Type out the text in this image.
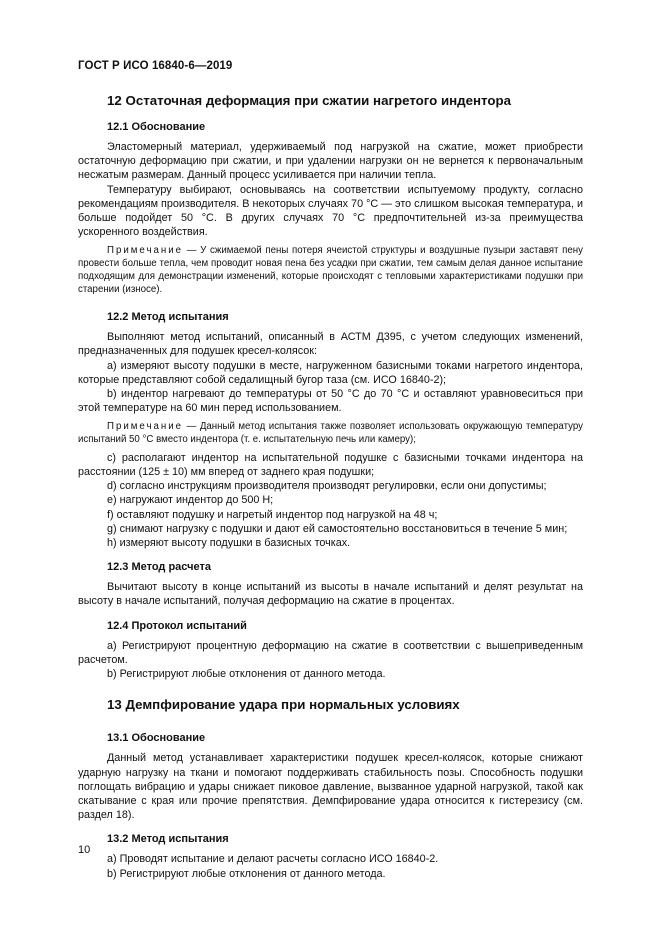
ГОСТ Р ИСО 16840-6—2019
12 Остаточная деформация при сжатии нагретого индентора
12.1 Обоснование

Эластомерный материал, удерживаемый под нагрузкой на сжатие, может приобрести остаточную деформацию при сжатии, и при удалении нагрузки он не вернется к первоначальным несжатым размерам. Данный процесс усиливается при наличии тепла.

Температуру выбирают, основываясь на соответствии испытуемому продукту, согласно рекомендациям производителя. В некоторых случаях 70 °С — это слишком высокая температура, и больше подойдет 50 °С. В других случаях 70 °С предпочтительней из-за преимущества ускоренного воздействия.

Примечание — У сжимаемой пены потеря ячеистой структуры и воздушные пузыри заставят пену провести больше тепла, чем проводит новая пена без усадки при сжатии, тем самым делая данное испытание подходящим для демонстрации изменений, которые происходят с тепловыми характеристиками подушки при старении (износе).

12.2 Метод испытания

Выполняют метод испытаний, описанный в АСТМ Д395, с учетом следующих изменений, предназначенных для подушек кресел-колясок:

а) измеряют высоту подушки в месте, нагруженном базисными токами нагретого индентора, которые представляют собой седалищный бугор таза (см. ИСО 16840-2);

b) индентор нагревают до температуры от 50 °С до 70 °С и оставляют уравновеситься при этой температуре на 60 мин перед использованием.

Примечание — Данный метод испытания также позволяет использовать окружающую температуру испытаний 50 °С вместо индентора (т. е. испытательную печь или камеру);

с) располагают индентор на испытательной подушке с базисными точками индентора на расстоянии (125 ± 10) мм вперед от заднего края подушки;

d) согласно инструкциям производителя производят регулировки, если они допустимы;

е) нагружают индентор до 500 Н;

f) оставляют подушку и нагретый индентор под нагрузкой на 48 ч;

g) снимают нагрузку с подушки и дают ей самостоятельно восстановиться в течение 5 мин;

h) измеряют высоту подушки в базисных точках.

12.3 Метод расчета

Вычитают высоту в конце испытаний из высоты в начале испытаний и делят результат на высоту в начале испытаний, получая деформацию на сжатие в процентах.

12.4 Протокол испытаний

а) Регистрируют процентную деформацию на сжатие в соответствии с вышеприведенным расчетом.

b) Регистрируют любые отклонения от данного метода.

13 Демпфирование удара при нормальных условиях
13.1 Обоснование

Данный метод устанавливает характеристики подушек кресел-колясок, которые снижают ударную нагрузку на ткани и помогают поддерживать стабильность позы. Способность подушки поглощать вибрацию и удары снижает пиковое давление, вызванное ударной нагрузкой, такой как скатывание с края или прочие препятствия. Демпфирование удара относится к гистерезису (см. раздел 18).

13.2 Метод испытания

а) Проводят испытание и делают расчеты согласно ИСО 16840-2.

b) Регистрируют любые отклонения от данного метода.

10
